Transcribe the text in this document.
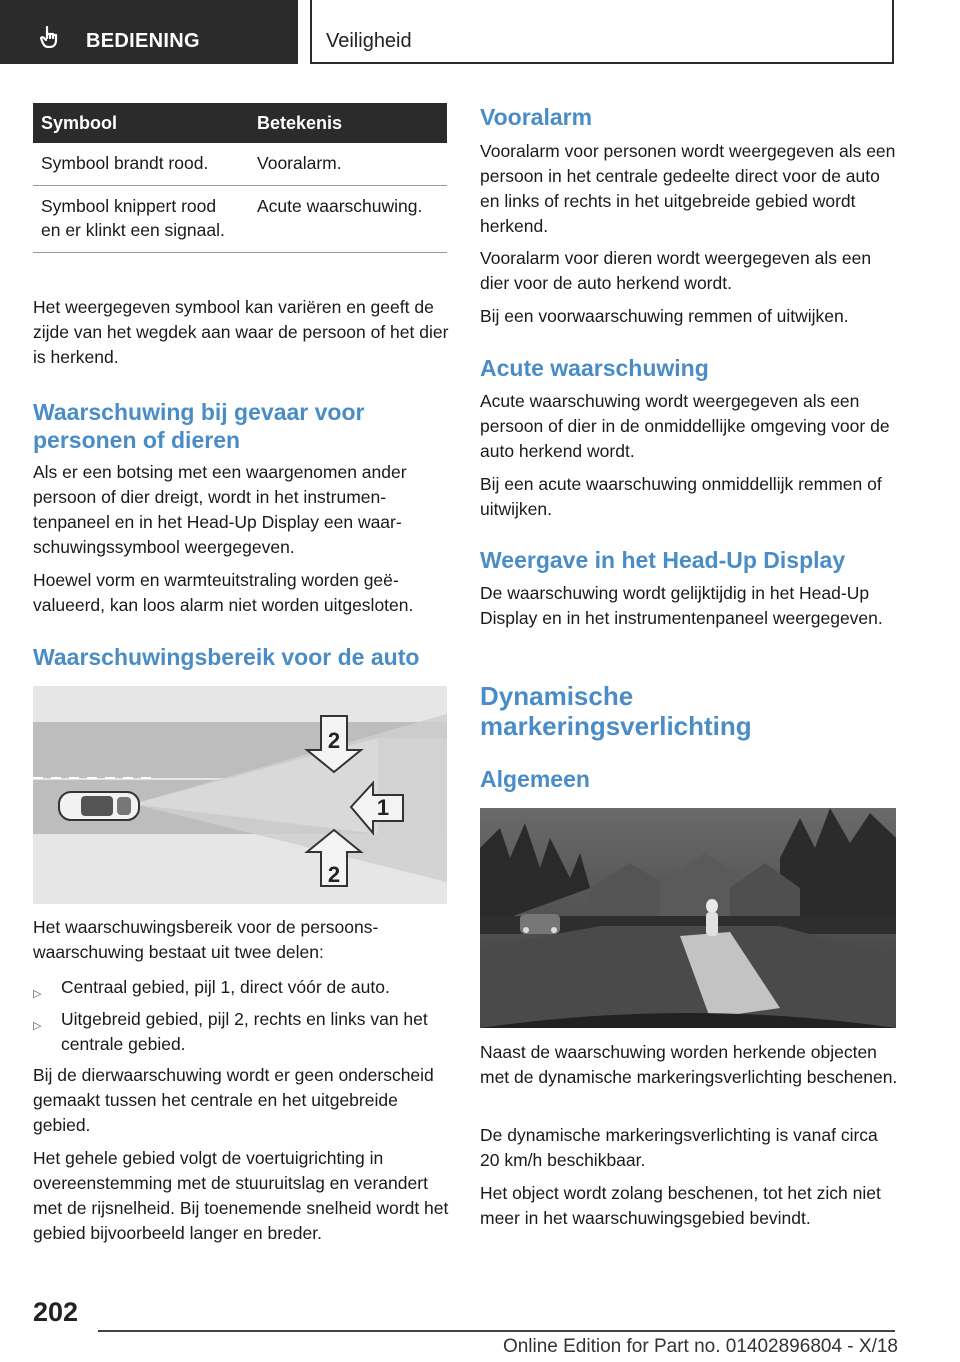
BEDIENING	Veiligheid
Symbool	Betekenis
Symbool brandt rood.	Vooralarm.
Symbool knippert rood en er klinkt een signaal.	Acute waarschuwing.

Het weergegeven symbool kan variëren en geeft de zijde van het wegdek aan waar de persoon of het dier is herkend.

Waarschuwing bij gevaar voor personen of dieren

Als er een botsing met een waargenomen ander persoon of dier dreigt, wordt in het instrumentenpaneel en in het Head-Up Display een waarschuwingssymbool weergegeven.

Hoewel vorm en warmteuitstraling worden geëvalueerd, kan loos alarm niet worden uitgesloten.

Waarschuwingsbereik voor de auto
2
1
2

Het waarschuwingsbereik voor de persoonswaarschuwing bestaat uit twee delen:

▷ Centraal gebied, pijl 1, direct vóór de auto.
▷ Uitgebreid gebied, pijl 2, rechts en links van het centrale gebied.

Bij de dierwaarschuwing wordt er geen onderscheid gemaakt tussen het centrale en het uitgebreide gebied.

Het gehele gebied volgt de voertuigrichting in overeenstemming met de stuuruitslag en verandert met de rijsnelheid. Bij toenemende snelheid wordt het gebied bijvoorbeeld langer en breder.

Vooralarm

Vooralarm voor personen wordt weergegeven als een persoon in het centrale gedeelte direct voor de auto en links of rechts in het uitgebreide gebied wordt herkend.

Vooralarm voor dieren wordt weergegeven als een dier voor de auto herkend wordt.

Bij een voorwaarschuwing remmen of uitwijken.

Acute waarschuwing

Acute waarschuwing wordt weergegeven als een persoon of dier in de onmiddellijke omgeving voor de auto herkend wordt.

Bij een acute waarschuwing onmiddellijk remmen of uitwijken.

Weergave in het Head-Up Display

De waarschuwing wordt gelijktijdig in het Head-Up Display en in het instrumentenpaneel weergegeven.

Dynamische
markeringsverlichting
Algemeen

Naast de waarschuwing worden herkende objecten met de dynamische markeringsverlichting beschenen.

De dynamische markeringsverlichting is vanaf circa 20 km/h beschikbaar.

Het object wordt zolang beschenen, tot het zich niet meer in het waarschuwingsgebied bevindt.

202
Online Edition for Part no. 01402896804 - X/18
